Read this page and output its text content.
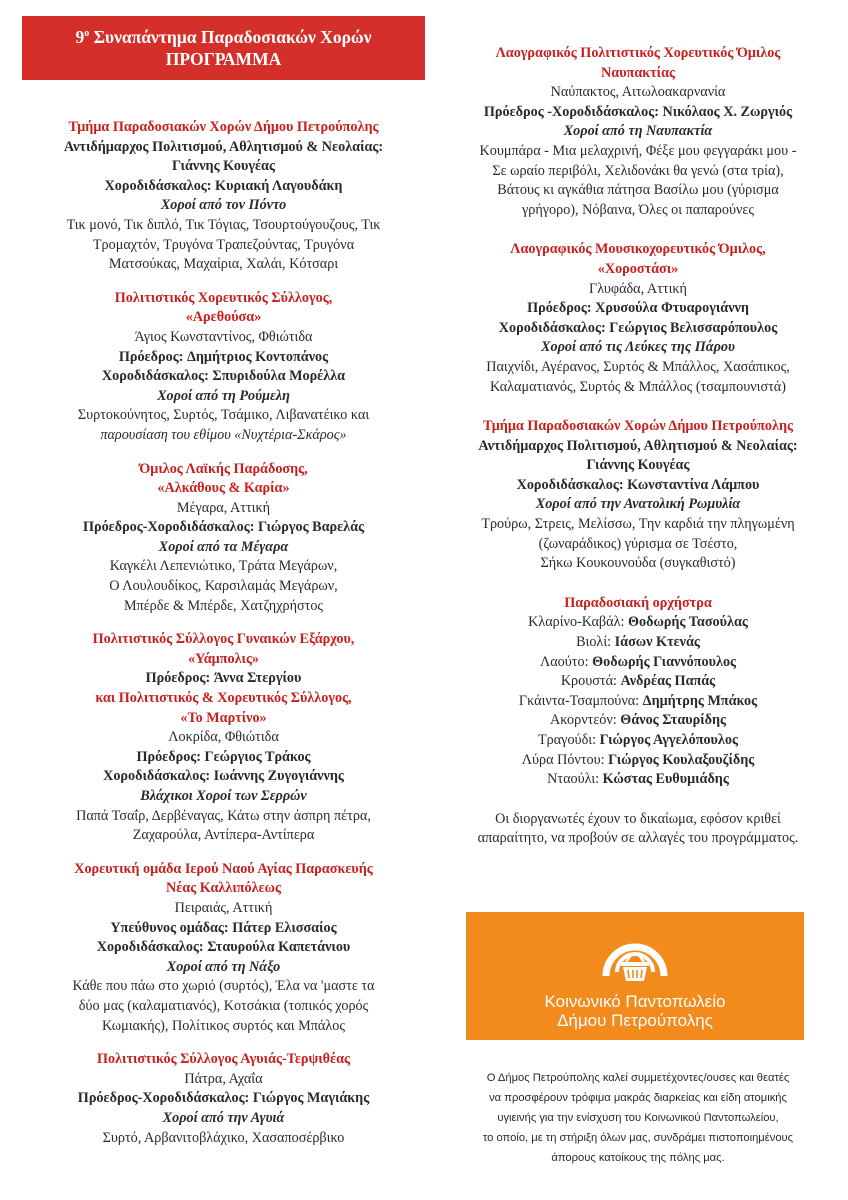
$9^o$ Συναπάντημα Παραδοσιακών Χορών
ΠΡΟΓΡΑΜΜΑ
Τμήμα Παραδοσιακών Χορών Δήμου Πετρούπολης
Αντιδήμαρχος Πολιτισμού, Αθλητισμού & Νεολαίας:
Γιάννης Κουγέας
Χοροδιδάσκαλος: Κυριακή Λαγουδάκη
Χοροί από τον Πόντο
Τικ μονό, Τικ διπλό, Τικ Τόγιας, Τσουρτούγουζους, Τικ
Τρομαχτόν, Τρυγόνα Τραπεζούντας, Τρυγόνα
Ματσούκας, Μαχαίρια, Χαλάι, Κότσαρι
Πολιτιστικός Χορευτικός Σύλλογος,
«Αρεθούσα»
Άγιος Κωνσταντίνος, Φθιώτιδα
Πρόεδρος: Δημήτριος Κοντοπάνος
Χοροδιδάσκαλος: Σπυριδούλα Μορέλλα
Χοροί από τη Ρούμελη
Συρτοκούνητος, Συρτός, Τσάμικο, Λιβανατέικο και
παρουσίαση του εθίμου «Νυχτέρια-Σκάρος»
Όμιλος Λαϊκής Παράδοσης,
«Αλκάθους & Καρία»
Μέγαρα, Αττική
Πρόεδρος-Χοροδιδάσκαλος: Γιώργος Βαρελάς
Χοροί από τα Μέγαρα
Καγκέλι Λεπενιώτικο, Τράτα Μεγάρων,
Ο Λουλουδίκος, Καρσιλαμάς Μεγάρων,
Μπέρδε & Μπέρδε, Χατζηχρήστος
Πολιτιστικός Σύλλογος Γυναικών Εξάρχου,
«Υάμπολις»
Πρόεδρος: Άννα Στεργίου
και Πολιτιστικός & Χορευτικός Σύλλογος,
«Το Μαρτίνο»
Λοκρίδα, Φθιώτιδα
Πρόεδρος: Γεώργιος Τράκος
Χοροδιδάσκαλος: Ιωάννης Ζυγογιάννης
Βλάχικοι Χοροί των Σερρών
Παπά Τσαΐρ, Δερβέναγας, Κάτω στην άσπρη πέτρα,
Ζαχαρούλα, Αντίπερα-Αντίπερα
Χορευτική ομάδα Ιερού Ναού Αγίας Παρασκευής
Νέας Καλλιπόλεως
Πειραιάς, Αττική
Υπεύθυνος ομάδας: Πάτερ Ελισσαίος
Χοροδιδάσκαλος: Σταυρούλα Καπετάνιου
Χοροί από τη Νάξο
Κάθε που πάω στο χωριό (συρτός), Έλα να 'μαστε τα
δύο μας (καλαματιανός), Κοτσάκια (τοπικός χορός
Κωμιακής), Πολίτικος συρτός και Μπάλος
Πολιτιστικός Σύλλογος Αγυιάς-Τερψιθέας
Πάτρα, Αχαΐα
Πρόεδρος-Χοροδιδάσκαλος: Γιώργος Μαγιάκης
Χοροί από την Αγυιά
Συρτό, Αρβανιτοβλάχικο, Χασαποσέρβικο
Λαογραφικός Πολιτιστικός Χορευτικός Όμιλος
Ναυπακτίας
Ναύπακτος, Αιτωλοακαρνανία
Πρόεδρος -Χοροδιδάσκαλος: Νικόλαος Χ. Ζωργιός
Χοροί από τη Ναυπακτία
Κουμπάρα - Μια μελαχρινή, Φέξε μου φεγγαράκι μου -
Σε ωραίο περιβόλι, Χελιδονάκι θα γενώ (στα τρία),
Βάτους κι αγκάθια πάτησα Βασίλω μου (γύρισμα
γρήγορο), Νόβαινα, Όλες οι παπαρούνες
Λαογραφικός Μουσικοχορευτικός Όμιλος,
«Χοροστάσι»
Γλυφάδα, Αττική
Πρόεδρος: Χρυσούλα Φτυαρογιάννη
Χοροδιδάσκαλος: Γεώργιος Βελισσαρόπουλος
Χοροί από τις Λεύκες της Πάρου
Παιχνίδι, Αγέρανος, Συρτός & Μπάλλος, Χασάπικος,
Καλαματιανός, Συρτός & Μπάλλος (τσαμπουνιστά)
Τμήμα Παραδοσιακών Χορών Δήμου Πετρούπολης
Αντιδήμαρχος Πολιτισμού, Αθλητισμού & Νεολαίας:
Γιάννης Κουγέας
Χοροδιδάσκαλος: Κωνσταντίνα Λάμπου
Χοροί από την Ανατολική Ρωμυλία
Τρούρω, Στρεις, Μελίσσω, Την καρδιά την πληγωμένη
(ζωναράδικος) γύρισμα σε Τσέστο,
Σήκω Κουκουνούδα (συγκαθιστό)
Παραδοσιακή ορχήστρα
Κλαρίνο-Καβάλ: Θοδωρής Τασούλας
Βιολί: Ιάσων Κτενάς
Λαούτο: Θοδωρής Γιαννόπουλος
Κρουστά: Ανδρέας Παπάς
Γκάιντα-Τσαμπούνα: Δημήτρης Μπάκος
Ακορντεόν: Θάνος Σταυρίδης
Τραγούδι: Γιώργος Αγγελόπουλος
Λύρα Πόντου: Γιώργος Κουλαξουζίδης
Νταούλι: Κώστας Ευθυμιάδης
Οι διοργανωτές έχουν το δικαίωμα, εφόσον κριθεί
απαραίτητο, να προβούν σε αλλαγές του προγράμματος.
Κοινωνικό Παντοπωλείο
Δήμου Πετρούπολης
Ο Δήμος Πετρούπολης καλεί συμμετέχοντες/ουσες και θεατές
να προσφέρουν τρόφιμα μακράς διαρκείας και είδη ατομικής
υγιεινής για την ενίσχυση του Κοινωνικού Παντοπωλείου,
το οποίο, με τη στήριξη όλων μας, συνδράμει πιστοποιημένους
άπορους κατοίκους της πόλης μας.
